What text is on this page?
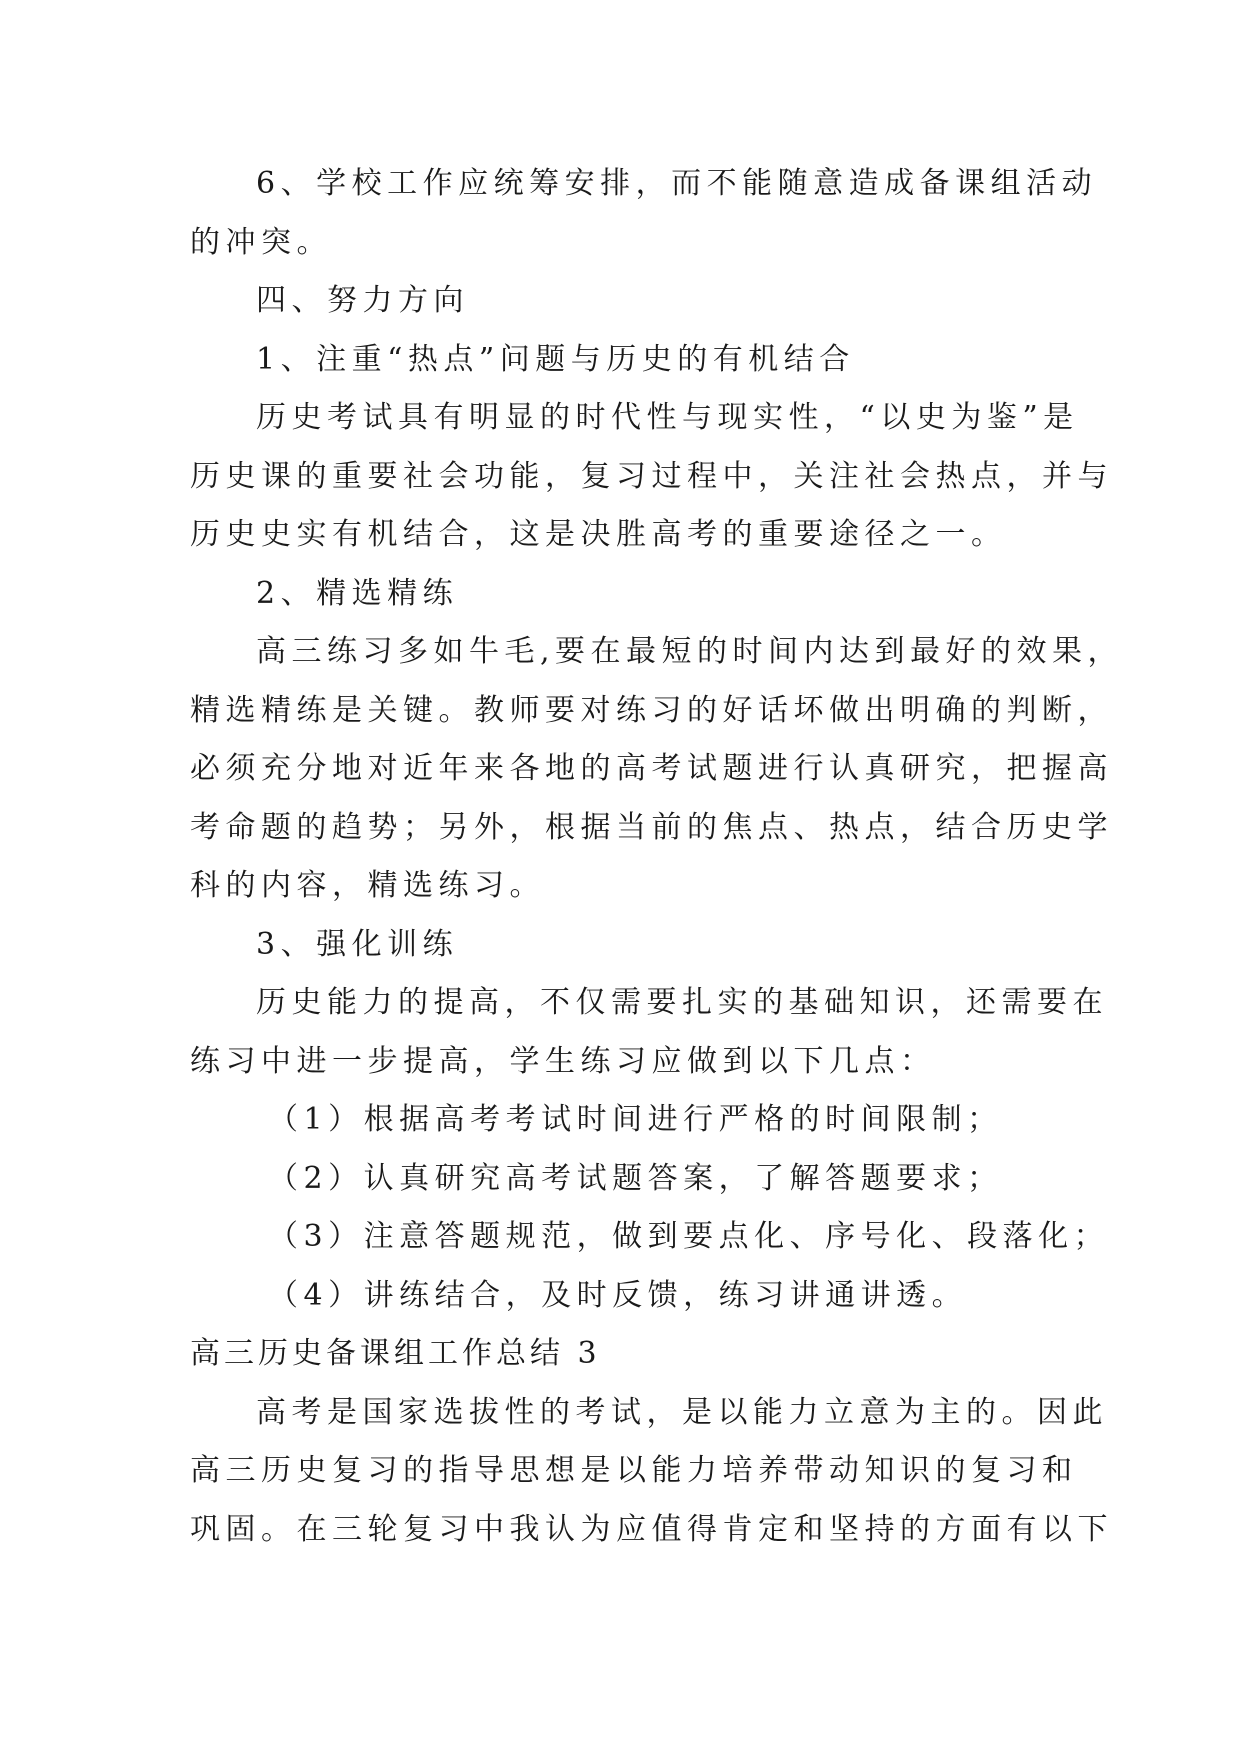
6、学校工作应统筹安排，而不能随意造成备课组活动
的冲突。
四、努力方向
1、注重“热点”问题与历史的有机结合
历史考试具有明显的时代性与现实性，“以史为鉴”是
历史课的重要社会功能，复习过程中，关注社会热点，并与
历史史实有机结合，这是决胜高考的重要途径之一。
2、精选精练
高三练习多如牛毛,要在最短的时间内达到最好的效果，
精选精练是关键。教师要对练习的好话坏做出明确的判断，
必须充分地对近年来各地的高考试题进行认真研究，把握高
考命题的趋势；另外，根据当前的焦点、热点，结合历史学
科的内容，精选练习。
3、强化训练
历史能力的提高，不仅需要扎实的基础知识，还需要在
练习中进一步提高，学生练习应做到以下几点：
（1）根据高考考试时间进行严格的时间限制；
（2）认真研究高考试题答案，了解答题要求；
（3）注意答题规范，做到要点化、序号化、段落化；
（4）讲练结合，及时反馈，练习讲通讲透。
高三历史备课组工作总结 3
高考是国家选拔性的考试，是以能力立意为主的。因此
高三历史复习的指导思想是以能力培养带动知识的复习和
巩固。在三轮复习中我认为应值得肯定和坚持的方面有以下
